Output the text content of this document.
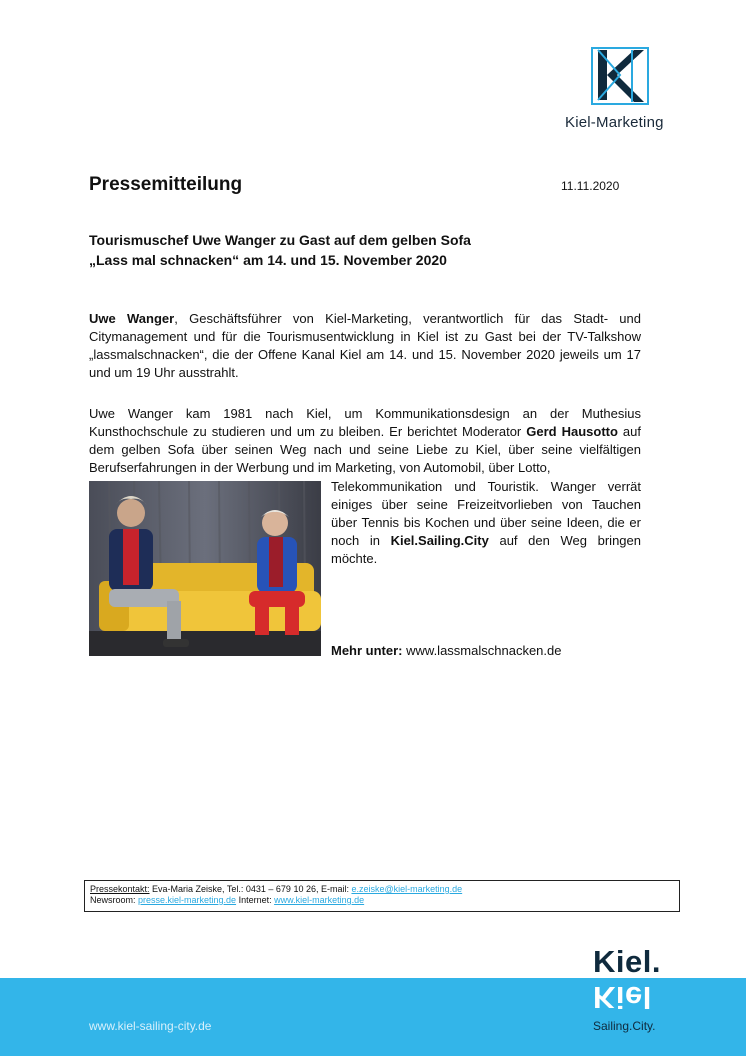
Kiel-Marketing
Pressemitteilung	11.11.2020
Tourismuschef Uwe Wanger zu Gast auf dem gelben Sofa
„Lass mal schnacken“ am 14. und 15. November 2020
Uwe Wanger, Geschäftsführer von Kiel-Marketing, verantwortlich für das Stadt- und Citymanagement und für die Tourismusentwicklung in Kiel ist zu Gast bei der TV-Talkshow „lassmalschnacken“, die der Offene Kanal Kiel am 14. und 15. November 2020 jeweils um 17 und um 19 Uhr ausstrahlt.
Uwe Wanger kam 1981 nach Kiel, um Kommunikationsdesign an der Muthesius Kunsthochschule zu studieren und um zu bleiben. Er berichtet Moderator Gerd Hausotto auf dem gelben Sofa über seinen Weg nach und seine Liebe zu Kiel, über seine vielfältigen Berufserfahrungen in der Werbung und im Marketing, von Automobil, über Lotto,
Telekommunikation und Touristik. Wanger verrät einiges über seine Freizeitvorlieben von Tauchen über Tennis bis Kochen und über seine Ideen, die er noch in Kiel.Sailing.City auf den Weg bringen möchte.
Mehr unter: www.lassmalschnacken.de
Pressekontakt: Eva-Maria Zeiske, Tel.: 0431 – 679 10 26, E-mail: e.zeiske@kiel-marketing.de
Newsroom: presse.kiel-marketing.de Internet: www.kiel-marketing.de
www.kiel-sailing-city.de
Kiel.
Kiel
Sailing.City.
